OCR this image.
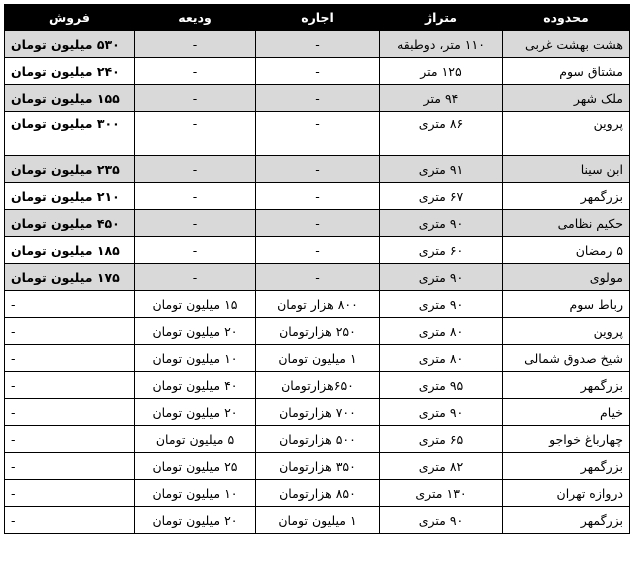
محدوده	متراژ	اجاره	ودیعه	فروش
هشت بهشت غربی	۱۱۰ متر، دوطبقه	-	-	۵۳۰ میلیون تومان
مشتاق سوم	۱۲۵ متر	-	-	۲۴۰ میلیون تومان
ملک شهر	۹۴ متر	-	-	۱۵۵ میلیون تومان
پروین	۸۶ متری	-	-	۳۰۰ میلیون تومان
ابن سینا	۹۱ متری	-	-	۲۳۵ میلیون تومان
بزرگمهر	۶۷ متری	-	-	۲۱۰ میلیون تومان
حکیم نظامی	۹۰ متری	-	-	۴۵۰ میلیون تومان
۵ رمضان	۶۰ متری	-	-	۱۸۵ میلیون تومان
مولوی	۹۰ متری	-	-	۱۷۵ میلیون تومان
رباط سوم	۹۰ متری	۸۰۰ هزار تومان	۱۵ میلیون تومان	-
پروین	۸۰ متری	۲۵۰ هزارتومان	۲۰ میلیون تومان	-
شیخ صدوق شمالی	۸۰ متری	۱ میلیون تومان	۱۰ میلیون تومان	-
بزرگمهر	۹۵ متری	۶۵۰هزارتومان	۴۰ میلیون تومان	-
خیام	۹۰ متری	۷۰۰ هزارتومان	۲۰ میلیون تومان	-
چهارباغ خواجو	۶۵ متری	۵۰۰ هزارتومان	۵ میلیون تومان	-
بزرگمهر	۸۲ متری	۳۵۰ هزارتومان	۲۵ میلیون تومان	-
دروازه تهران	۱۳۰ متری	۸۵۰ هزارتومان	۱۰ میلیون تومان	-
بزرگمهر	۹۰ متری	۱ میلیون تومان	۲۰ میلیون تومان	-
